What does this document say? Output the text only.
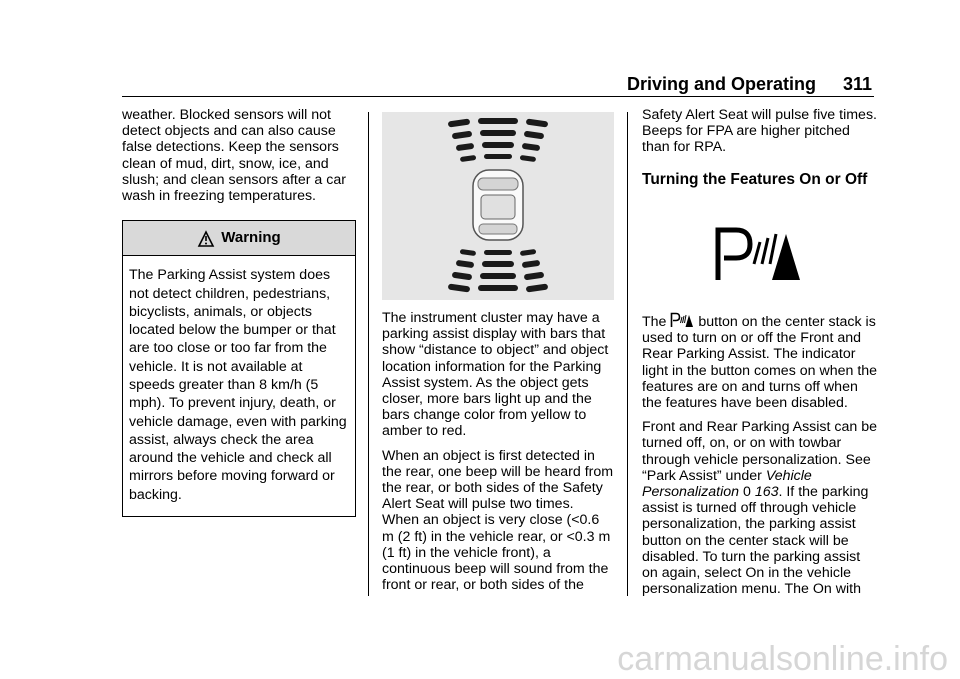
Driving and Operating 311

weather. Blocked sensors will not detect objects and can also cause false detections. Keep the sensors clean of mud, dirt, snow, ice, and slush; and clean sensors after a car wash in freezing temperatures.

Warning
The Parking Assist system does not detect children, pedestrians, bicyclists, animals, or objects located below the bumper or that are too close or too far from the vehicle. It is not available at speeds greater than 8 km/h (5 mph). To prevent injury, death, or vehicle damage, even with parking assist, always check the area around the vehicle and check all mirrors before moving forward or backing.

The instrument cluster may have a parking assist display with bars that show “distance to object” and object location information for the Parking Assist system. As the object gets closer, more bars light up and the bars change color from yellow to amber to red.

When an object is first detected in the rear, one beep will be heard from the rear, or both sides of the Safety Alert Seat will pulse two times. When an object is very close (<0.6 m (2 ft) in the vehicle rear, or <0.3 m (1 ft) in the vehicle front), a continuous beep will sound from the front or rear, or both sides of the

Safety Alert Seat will pulse five times. Beeps for FPA are higher pitched than for RPA.

Turning the Features On or Off

The button on the center stack is used to turn on or off the Front and Rear Parking Assist. The indicator light in the button comes on when the features are on and turns off when the features have been disabled.

Front and Rear Parking Assist can be turned off, on, or on with towbar through vehicle personalization. See “Park Assist” under Vehicle Personalization 0 163. If the parking assist is turned off through vehicle personalization, the parking assist button on the center stack will be disabled. To turn the parking assist on again, select On in the vehicle personalization menu. The On with

carmanualsonline.info
